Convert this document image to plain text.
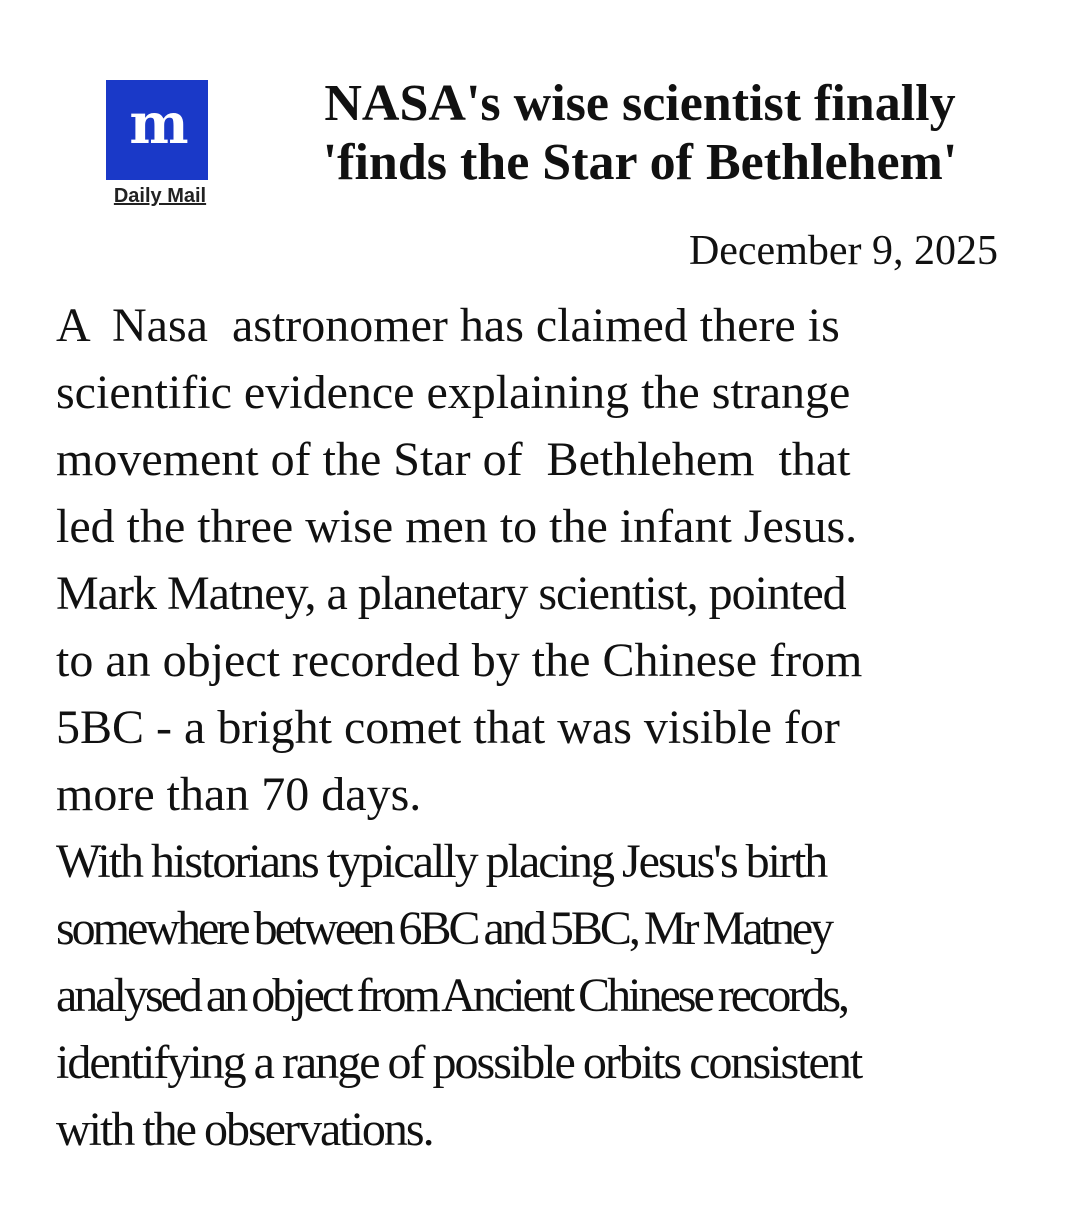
m
Daily Mail
NASA's wise scientist finally
'finds the Star of Bethlehem'
December 9, 2025
A  Nasa  astronomer has claimed there is
scientific evidence explaining the strange
movement of the Star of  Bethlehem  that
led the three wise men to the infant Jesus.
Mark Matney, a planetary scientist, pointed
to an object recorded by the Chinese from
5BC - a bright comet that was visible for
more than 70 days.
With historians typically placing Jesus's birth
somewhere between 6BC and 5BC, Mr Matney
analysed an object from Ancient Chinese records,
identifying a range of possible orbits consistent
with the observations.
